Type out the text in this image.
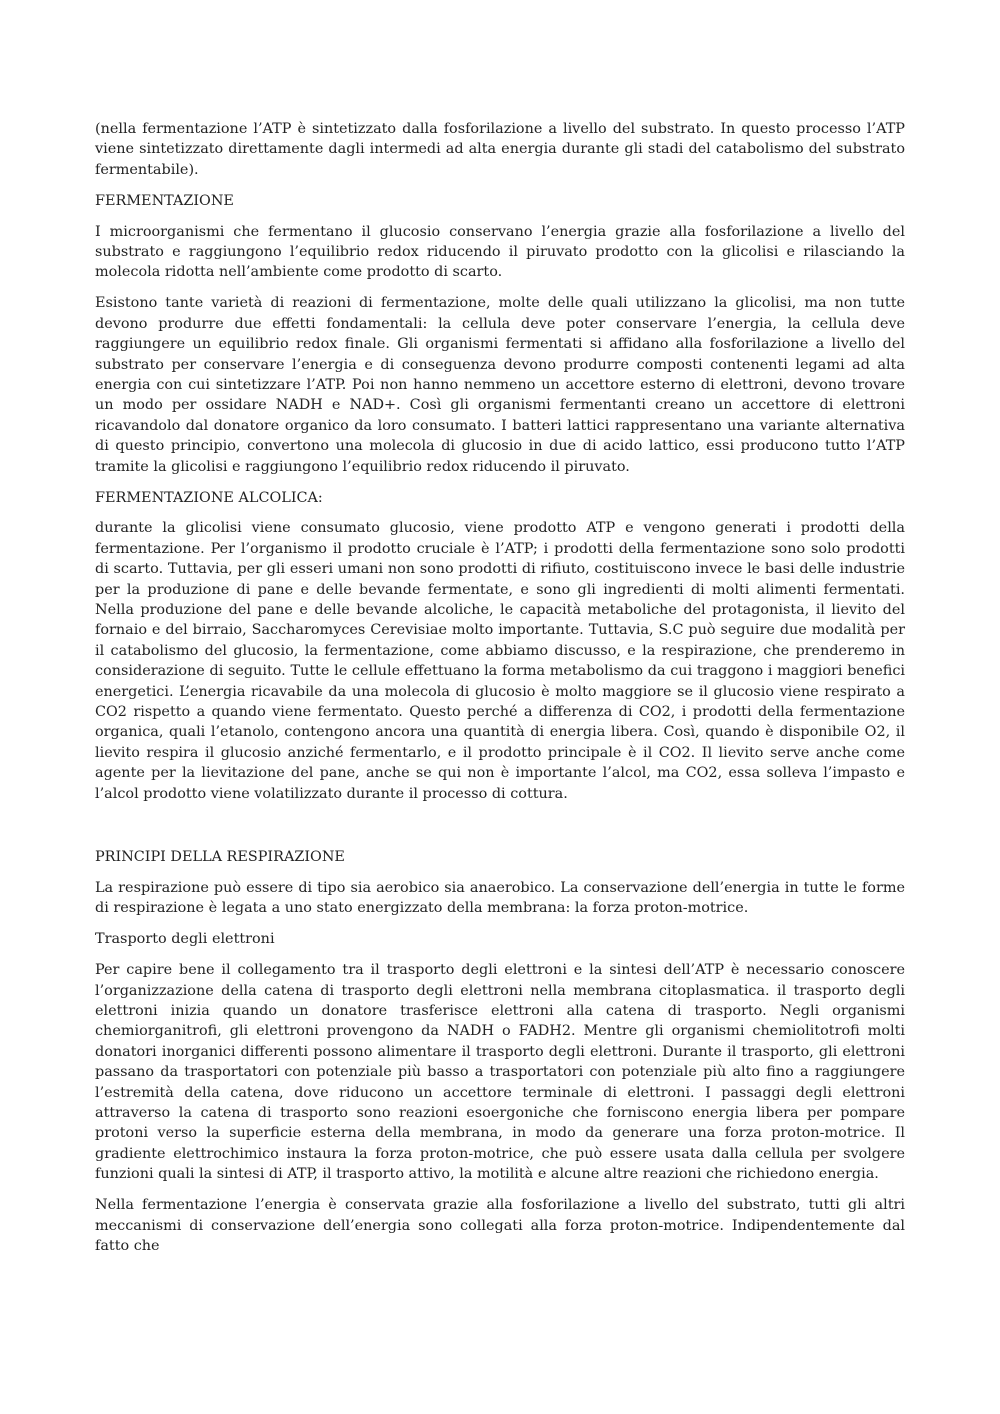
(nella fermentazione l’ATP è sintetizzato dalla fosforilazione a livello del substrato. In questo processo l’ATP viene sintetizzato direttamente dagli intermedi ad alta energia durante gli stadi del catabolismo del substrato fermentabile).

FERMENTAZIONE

I microorganismi che fermentano il glucosio conservano l’energia grazie alla fosforilazione a livello del substrato e raggiungono l’equilibrio redox riducendo il piruvato prodotto con la glicolisi e rilasciando la molecola ridotta nell’ambiente come prodotto di scarto.

Esistono tante varietà di reazioni di fermentazione, molte delle quali utilizzano la glicolisi, ma non tutte devono produrre due effetti fondamentali: la cellula deve poter conservare l’energia, la cellula deve raggiungere un equilibrio redox finale. Gli organismi fermentati si affidano alla fosforilazione a livello del substrato per conservare l’energia e di conseguenza devono produrre composti contenenti legami ad alta energia con cui sintetizzare l’ATP. Poi non hanno nemmeno un accettore esterno di elettroni, devono trovare un modo per ossidare NADH e NAD+. Così gli organismi fermentanti creano un accettore di elettroni ricavandolo dal donatore organico da loro consumato. I batteri lattici rappresentano una variante alternativa di questo principio, convertono una molecola di glucosio in due di acido lattico, essi producono tutto l’ATP tramite la glicolisi e raggiungono l’equilibrio redox riducendo il piruvato.

FERMENTAZIONE ALCOLICA:

durante la glicolisi viene consumato glucosio, viene prodotto ATP e vengono generati i prodotti della fermentazione. Per l’organismo il prodotto cruciale è l’ATP; i prodotti della fermentazione sono solo prodotti di scarto. Tuttavia, per gli esseri umani non sono prodotti di rifiuto, costituiscono invece le basi delle industrie per la produzione di pane e delle bevande fermentate, e sono gli ingredienti di molti alimenti fermentati. Nella produzione del pane e delle bevande alcoliche, le capacità metaboliche del protagonista, il lievito del fornaio e del birraio, Saccharomyces Cerevisiae molto importante. Tuttavia, S.C può seguire due modalità per il catabolismo del glucosio, la fermentazione, come abbiamo discusso, e la respirazione, che prenderemo in considerazione di seguito. Tutte le cellule effettuano la forma metabolismo da cui traggono i maggiori benefici energetici. L’energia ricavabile da una molecola di glucosio è molto maggiore se il glucosio viene respirato a CO2 rispetto a quando viene fermentato. Questo perché a differenza di CO2, i prodotti della fermentazione organica, quali l’etanolo, contengono ancora una quantità di energia libera. Così, quando è disponibile O2, il lievito respira il glucosio anziché fermentarlo, e il prodotto principale è il CO2. Il lievito serve anche come agente per la lievitazione del pane, anche se qui non è importante l’alcol, ma CO2, essa solleva l’impasto e l’alcol prodotto viene volatilizzato durante il processo di cottura.

PRINCIPI DELLA RESPIRAZIONE

La respirazione può essere di tipo sia aerobico sia anaerobico. La conservazione dell’energia in tutte le forme di respirazione è legata a uno stato energizzato della membrana: la forza proton-motrice.

Trasporto degli elettroni

Per capire bene il collegamento tra il trasporto degli elettroni e la sintesi dell’ATP è necessario conoscere l’organizzazione della catena di trasporto degli elettroni nella membrana citoplasmatica. il trasporto degli elettroni inizia quando un donatore trasferisce elettroni alla catena di trasporto. Negli organismi chemiorganitrofi, gli elettroni provengono da NADH o FADH2. Mentre gli organismi chemiolitotrofi molti donatori inorganici differenti possono alimentare il trasporto degli elettroni. Durante il trasporto, gli elettroni passano da trasportatori con potenziale più basso a trasportatori con potenziale più alto fino a raggiungere l’estremità della catena, dove riducono un accettore terminale di elettroni. I passaggi degli elettroni attraverso la catena di trasporto sono reazioni esoergoniche che forniscono energia libera per pompare protoni verso la superficie esterna della membrana, in modo da generare una forza proton-motrice. Il gradiente elettrochimico instaura la forza proton-motrice, che può essere usata dalla cellula per svolgere funzioni quali la sintesi di ATP, il trasporto attivo, la motilità e alcune altre reazioni che richiedono energia.

Nella fermentazione l’energia è conservata grazie alla fosforilazione a livello del substrato, tutti gli altri meccanismi di conservazione dell’energia sono collegati alla forza proton-motrice. Indipendentemente dal fatto che
